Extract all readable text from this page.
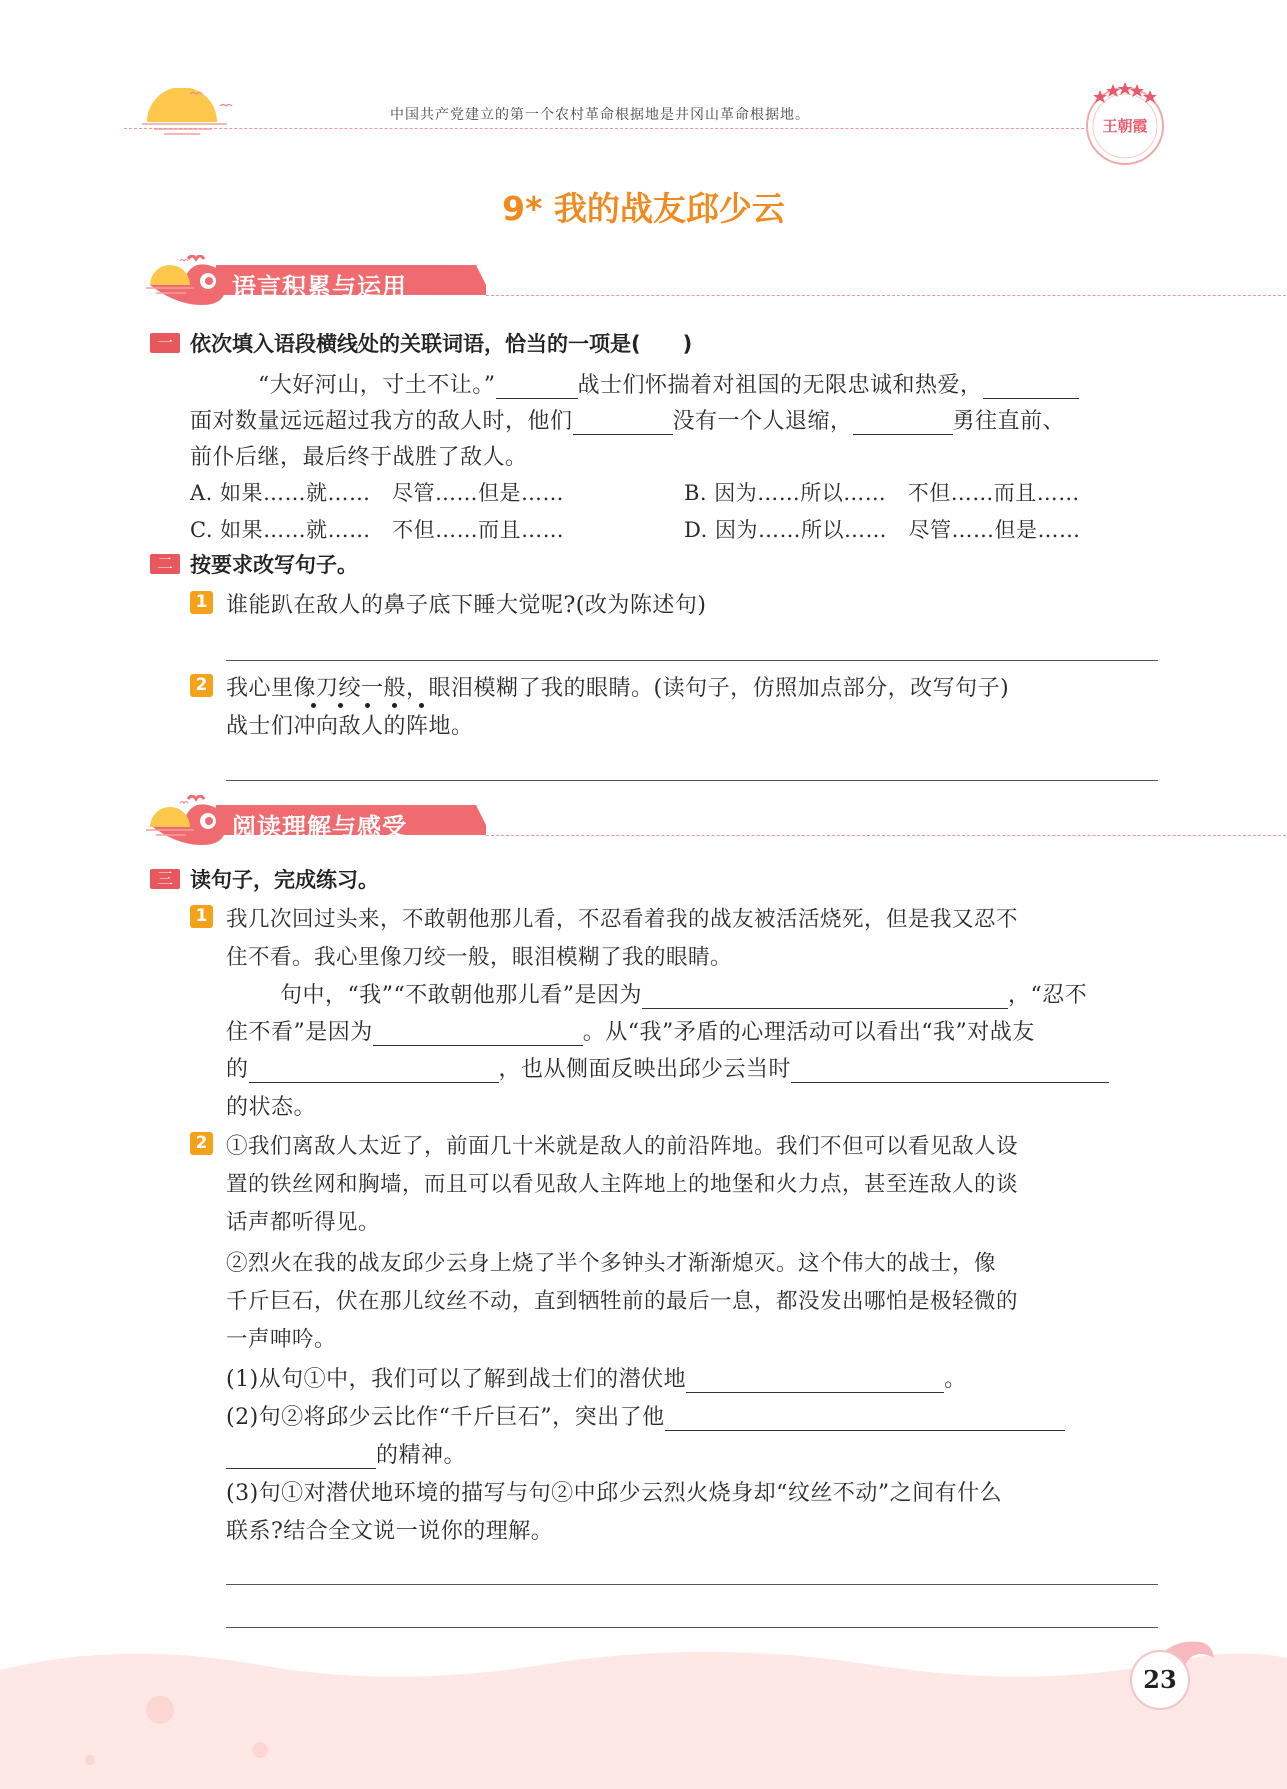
中国共产党建立的第一个农村革命根据地是井冈山革命根据地。
王朝霞
9* 我的战友邱少云
语言积累与运用
一 依次填入语段横线处的关联词语，恰当的一项是(　　)
“大好河山，寸土不让。”	战士们怀揣着对祖国的无限忠诚和热爱，
面对数量远远超过我方的敌人时，他们	没有一个人退缩，	勇往直前、
前仆后继，最后终于战胜了敌人。
A. 如果……就……　尽管……但是……	B. 因为……所以……　不但……而且……
C. 如果……就……　不但……而且……	D. 因为……所以……　尽管……但是……
二 按要求改写句子。
1 谁能趴在敌人的鼻子底下睡大觉呢?(改为陈述句)
2 我心里像刀绞一般，眼泪模糊了我的眼睛。(读句子，仿照加点部分，改写句子)
战士们冲向敌人的阵地。
阅读理解与感受
三 读句子，完成练习。
1 我几次回过头来，不敢朝他那儿看，不忍看着我的战友被活活烧死，但是我又忍不
住不看。我心里像刀绞一般，眼泪模糊了我的眼睛。
句中，“我”“不敢朝他那儿看”是因为	，“忍不
住不看”是因为	。从“我”矛盾的心理活动可以看出“我”对战友
的	，也从侧面反映出邱少云当时
的状态。
2 ①我们离敌人太近了，前面几十米就是敌人的前沿阵地。我们不但可以看见敌人设
置的铁丝网和胸墙，而且可以看见敌人主阵地上的地堡和火力点，甚至连敌人的谈
话声都听得见。
②烈火在我的战友邱少云身上烧了半个多钟头才渐渐熄灭。这个伟大的战士，像
千斤巨石，伏在那儿纹丝不动，直到牺牲前的最后一息，都没发出哪怕是极轻微的
一声呻吟。
(1)从句①中，我们可以了解到战士们的潜伏地	。
(2)句②将邱少云比作“千斤巨石”，突出了他
的精神。
(3)句①对潜伏地环境的描写与句②中邱少云烈火烧身却“纹丝不动”之间有什么
联系?结合全文说一说你的理解。
23
